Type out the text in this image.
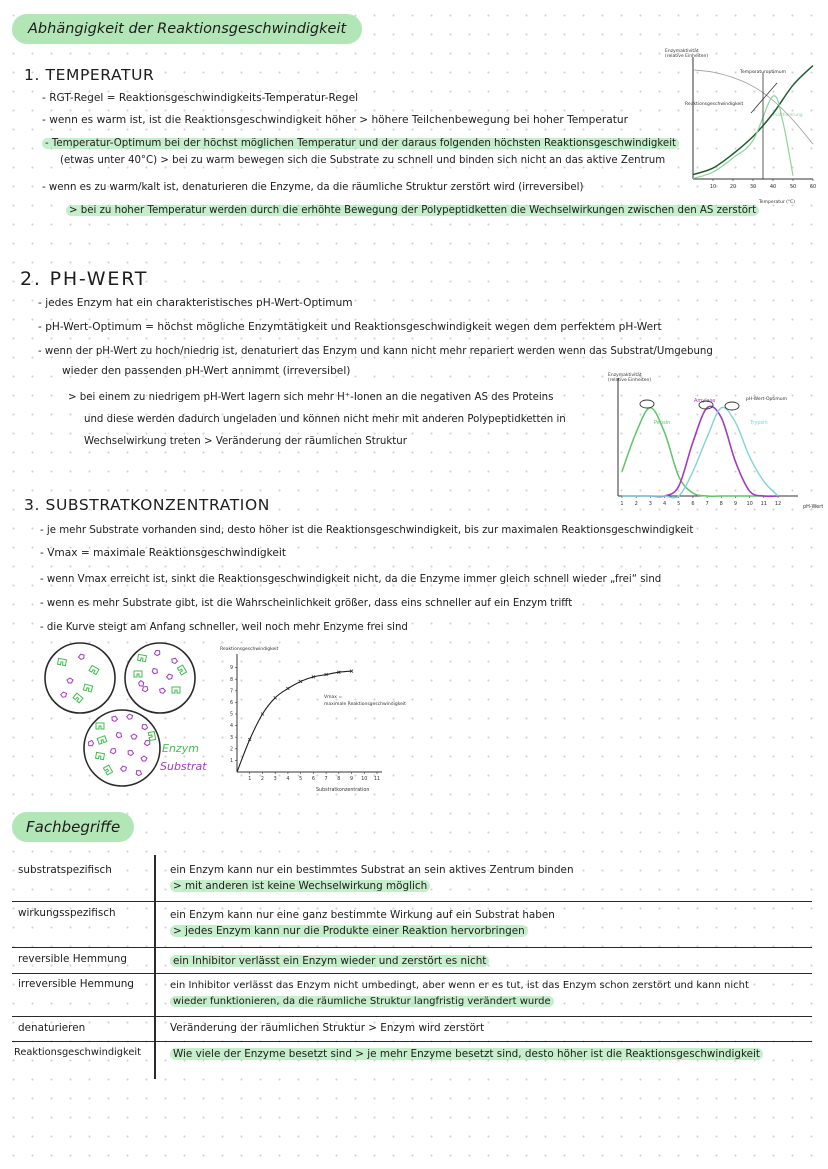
Abhängigkeit der Reaktionsgeschwindigkeit
1. TEMPERATUR
- RGT-Regel = Reaktionsgeschwindigkeits-Temperatur-Regel
- wenn es warm ist, ist die Reaktionsgeschwindigkeit höher > höhere Teilchenbewegung bei hoher Temperatur
- Temperatur-Optimum bei der höchst möglichen Temperatur und der daraus folgenden höchsten Reaktionsgeschwindigkeit
(etwas unter 40°C) > bei zu warm bewegen sich die Substrate zu schnell und binden sich nicht an das aktive Zentrum
- wenn es zu warm/kalt ist, denaturieren die Enzyme, da die räumliche Struktur zerstört wird (irreversibel)
> bei zu hoher Temperatur werden durch die erhöhte Bewegung der Polypeptidketten die Wechselwirkungen zwischen den AS zerstört
Enzymaktivität
(relative Einheiten)
Temperatur (°C)
Temperaturoptimum
Reaktionsgeschwindigkeit
Inaktivierung
10	20	30	40	50	60
2. PH-WERT
- jedes Enzym hat ein charakteristisches pH-Wert-Optimum
- pH-Wert-Optimum = höchst mögliche Enzymtätigkeit und Reaktionsgeschwindigkeit wegen dem perfektem pH-Wert
- wenn der pH-Wert zu hoch/niedrig ist, denaturiert das Enzym und kann nicht mehr repariert werden wenn das Substrat/Umgebung
wieder den passenden pH-Wert annimmt (irreversibel)
> bei einem zu niedrigem pH-Wert lagern sich mehr H⁺-Ionen an die negativen AS des Proteins
und diese werden dadurch ungeladen und können nicht mehr mit anderen Polypeptidketten in
Wechselwirkung treten > Veränderung der räumlichen Struktur
Enzymaktivität
(relative Einheiten)
pH-Wert
Pepsin
Amylase
Trypsin
pH-Wert-Optimum
1 2 3 4 5 6 7 8 9 10 11 12
3. SUBSTRATKONZENTRATION
- je mehr Substrate vorhanden sind, desto höher ist die Reaktionsgeschwindigkeit, bis zur maximalen Reaktionsgeschwindigkeit
- Vmax = maximale Reaktionsgeschwindigkeit
- wenn Vmax erreicht ist, sinkt die Reaktionsgeschwindigkeit nicht, da die Enzyme immer gleich schnell wieder „frei“ sind
- wenn es mehr Substrate gibt, ist die Wahrscheinlichkeit größer, dass eins schneller auf ein Enzym trifft
- die Kurve steigt am Anfang schneller, weil noch mehr Enzyme frei sind
Enzym
Substrat
Reaktionsgeschwindigkeit
Substratkonzentration
Vmax =
maximale Reaktionsgeschwindigkeit
1 2 3 4 5 6 7 8 9 10 11
1
2
3
4
5
6
7
8
9
Fachbegriffe
substratspezifisch	ein Enzym kann nur ein bestimmtes Substrat an sein aktives Zentrum binden
> mit anderen ist keine Wechselwirkung möglich
wirkungsspezifisch	ein Enzym kann nur eine ganz bestimmte Wirkung auf ein Substrat haben
> jedes Enzym kann nur die Produkte einer Reaktion hervorbringen
reversible Hemmung	ein Inhibitor verlässt ein Enzym wieder und zerstört es nicht
irreversible Hemmung	ein Inhibitor verlässt das Enzym nicht umbedingt, aber wenn er es tut, ist das Enzym schon zerstört und kann nicht
wieder funktionieren, da die räumliche Struktur langfristig verändert wurde
denaturieren	Veränderung der räumlichen Struktur > Enzym wird zerstört
Reaktionsgeschwindigkeit	Wie viele der Enzyme besetzt sind > je mehr Enzyme besetzt sind, desto höher ist die Reaktionsgeschwindigkeit
